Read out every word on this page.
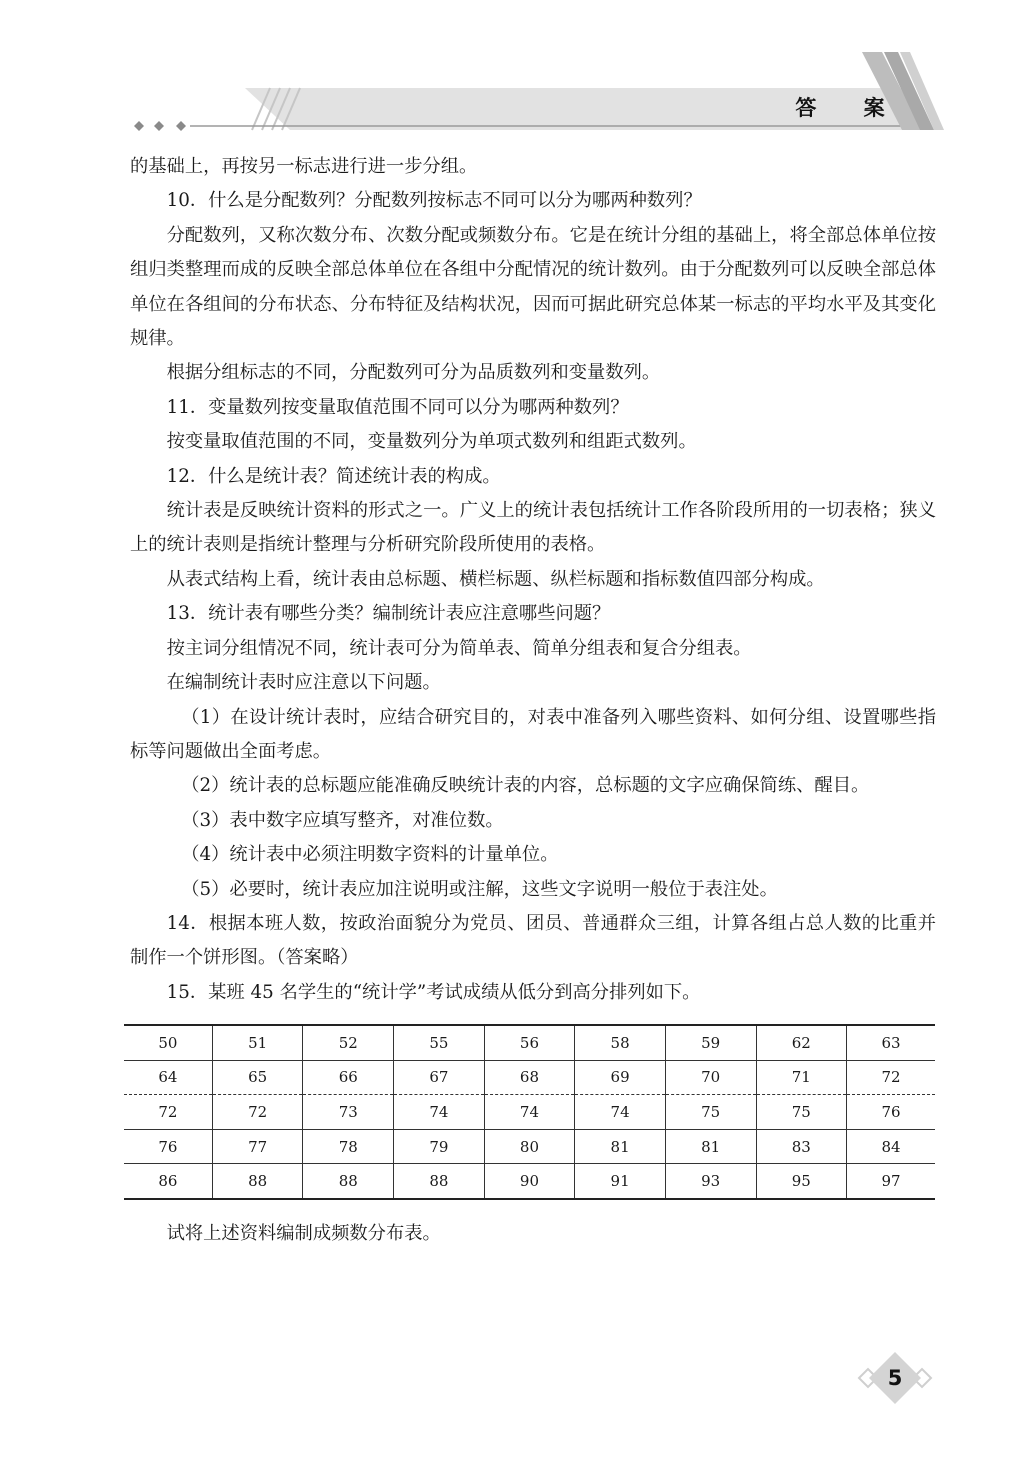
答 案

的基础上，再按另一标志进行进一步分组。

10．什么是分配数列？分配数列按标志不同可以分为哪两种数列？

分配数列，又称次数分布、次数分配或频数分布。它是在统计分组的基础上，将全部总体单位按组归类整理而成的反映全部总体单位在各组中分配情况的统计数列。由于分配数列可以反映全部总体单位在各组间的分布状态、分布特征及结构状况，因而可据此研究总体某一标志的平均水平及其变化规律。

根据分组标志的不同，分配数列可分为品质数列和变量数列。

11．变量数列按变量取值范围不同可以分为哪两种数列？

按变量取值范围的不同，变量数列分为单项式数列和组距式数列。

12．什么是统计表？简述统计表的构成。

统计表是反映统计资料的形式之一。广义上的统计表包括统计工作各阶段所用的一切表格；狭义上的统计表则是指统计整理与分析研究阶段所使用的表格。

从表式结构上看，统计表由总标题、横栏标题、纵栏标题和指标数值四部分构成。

13．统计表有哪些分类？编制统计表应注意哪些问题？

按主词分组情况不同，统计表可分为简单表、简单分组表和复合分组表。

在编制统计表时应注意以下问题。

（1）在设计统计表时，应结合研究目的，对表中准备列入哪些资料、如何分组、设置哪些指标等问题做出全面考虑。

（2）统计表的总标题应能准确反映统计表的内容，总标题的文字应确保简练、醒目。

（3）表中数字应填写整齐，对准位数。

（4）统计表中必须注明数字资料的计量单位。

（5）必要时，统计表应加注说明或注解，这些文字说明一般位于表注处。

14．根据本班人数，按政治面貌分为党员、团员、普通群众三组，计算各组占总人数的比重并制作一个饼形图。（答案略）

15．某班 45 名学生的“统计学”考试成绩从低分到高分排列如下。

50	51	52	55	56	58	59	62	63
64	65	66	67	68	69	70	71	72
72	72	73	74	74	74	75	75	76
76	77	78	79	80	81	81	83	84
86	88	88	88	90	91	93	95	97

试将上述资料编制成频数分布表。

5
